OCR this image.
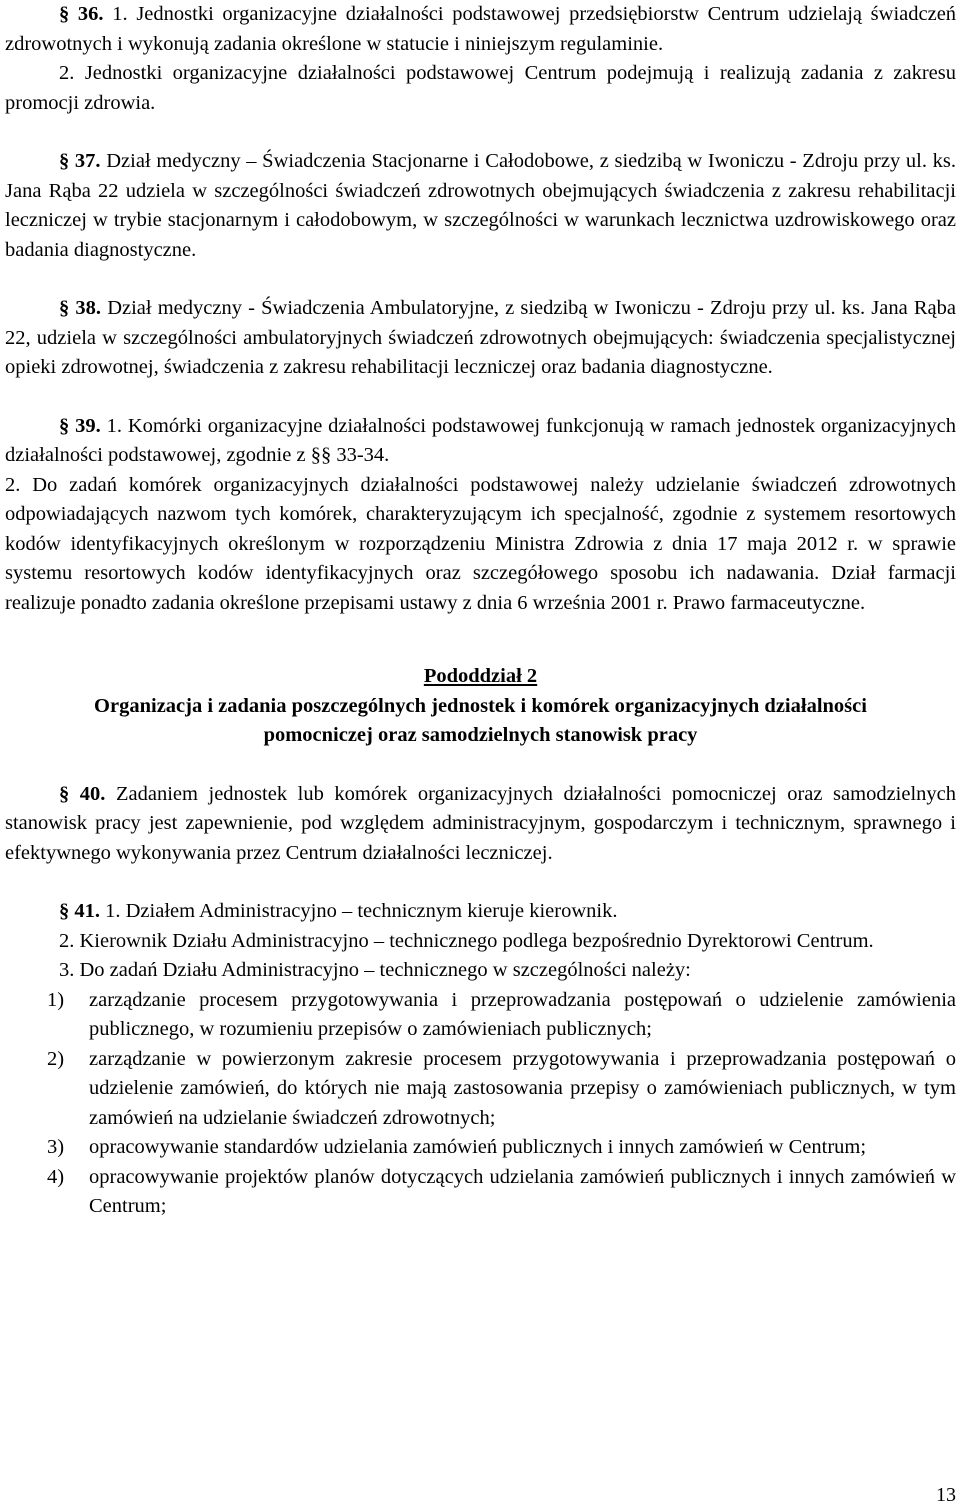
§ 36. 1. Jednostki organizacyjne działalności podstawowej przedsiębiorstw Centrum udzielają świadczeń zdrowotnych i wykonują zadania określone w statucie i niniejszym regulaminie.

2. Jednostki organizacyjne działalności podstawowej Centrum podejmują i realizują zadania z zakresu promocji zdrowia.

§ 37. Dział medyczny – Świadczenia Stacjonarne i Całodobowe, z siedzibą w Iwoniczu - Zdroju przy ul. ks. Jana Rąba 22 udziela w szczególności świadczeń zdrowotnych obejmujących świadczenia z zakresu rehabilitacji leczniczej w trybie stacjonarnym i całodobowym, w szczególności w warunkach lecznictwa uzdrowiskowego oraz badania diagnostyczne.

§ 38. Dział medyczny - Świadczenia Ambulatoryjne, z siedzibą w Iwoniczu - Zdroju przy ul. ks. Jana Rąba 22, udziela w szczególności ambulatoryjnych świadczeń zdrowotnych obejmujących: świadczenia specjalistycznej opieki zdrowotnej, świadczenia z zakresu rehabilitacji leczniczej oraz badania diagnostyczne.

§ 39. 1. Komórki organizacyjne działalności podstawowej funkcjonują w ramach jednostek organizacyjnych działalności podstawowej, zgodnie z §§ 33-34.

2. Do zadań komórek organizacyjnych działalności podstawowej należy udzielanie świadczeń zdrowotnych odpowiadających nazwom tych komórek, charakteryzującym ich specjalność, zgodnie z systemem resortowych kodów identyfikacyjnych określonym w rozporządzeniu Ministra Zdrowia z dnia 17 maja 2012 r. w sprawie systemu resortowych kodów identyfikacyjnych oraz szczegółowego sposobu ich nadawania. Dział farmacji realizuje ponadto zadania określone przepisami ustawy z dnia 6 września 2001 r. Prawo farmaceutyczne.

Pododdział 2

Organizacja i zadania poszczególnych jednostek i komórek organizacyjnych działalności

pomocniczej oraz samodzielnych stanowisk pracy

§ 40. Zadaniem jednostek lub komórek organizacyjnych działalności pomocniczej oraz samodzielnych stanowisk pracy jest zapewnienie, pod względem administracyjnym, gospodarczym i technicznym, sprawnego i efektywnego wykonywania przez Centrum działalności leczniczej.

§ 41. 1. Działem Administracyjno – technicznym kieruje kierownik.

2. Kierownik Działu Administracyjno – technicznego podlega bezpośrednio Dyrektorowi Centrum.

3. Do zadań Działu Administracyjno – technicznego w szczególności należy:

1)	zarządzanie procesem przygotowywania i przeprowadzania postępowań o udzielenie zamówienia publicznego, w rozumieniu przepisów o zamówieniach publicznych;
2)	zarządzanie w powierzonym zakresie procesem przygotowywania i przeprowadzania postępowań o udzielenie zamówień, do których nie mają zastosowania przepisy o zamówieniach publicznych, w tym zamówień na udzielanie świadczeń zdrowotnych;
3)	opracowywanie standardów udzielania zamówień publicznych i innych zamówień w Centrum;
4)	opracowywanie projektów planów dotyczących udzielania zamówień publicznych i innych zamówień w Centrum;
13
